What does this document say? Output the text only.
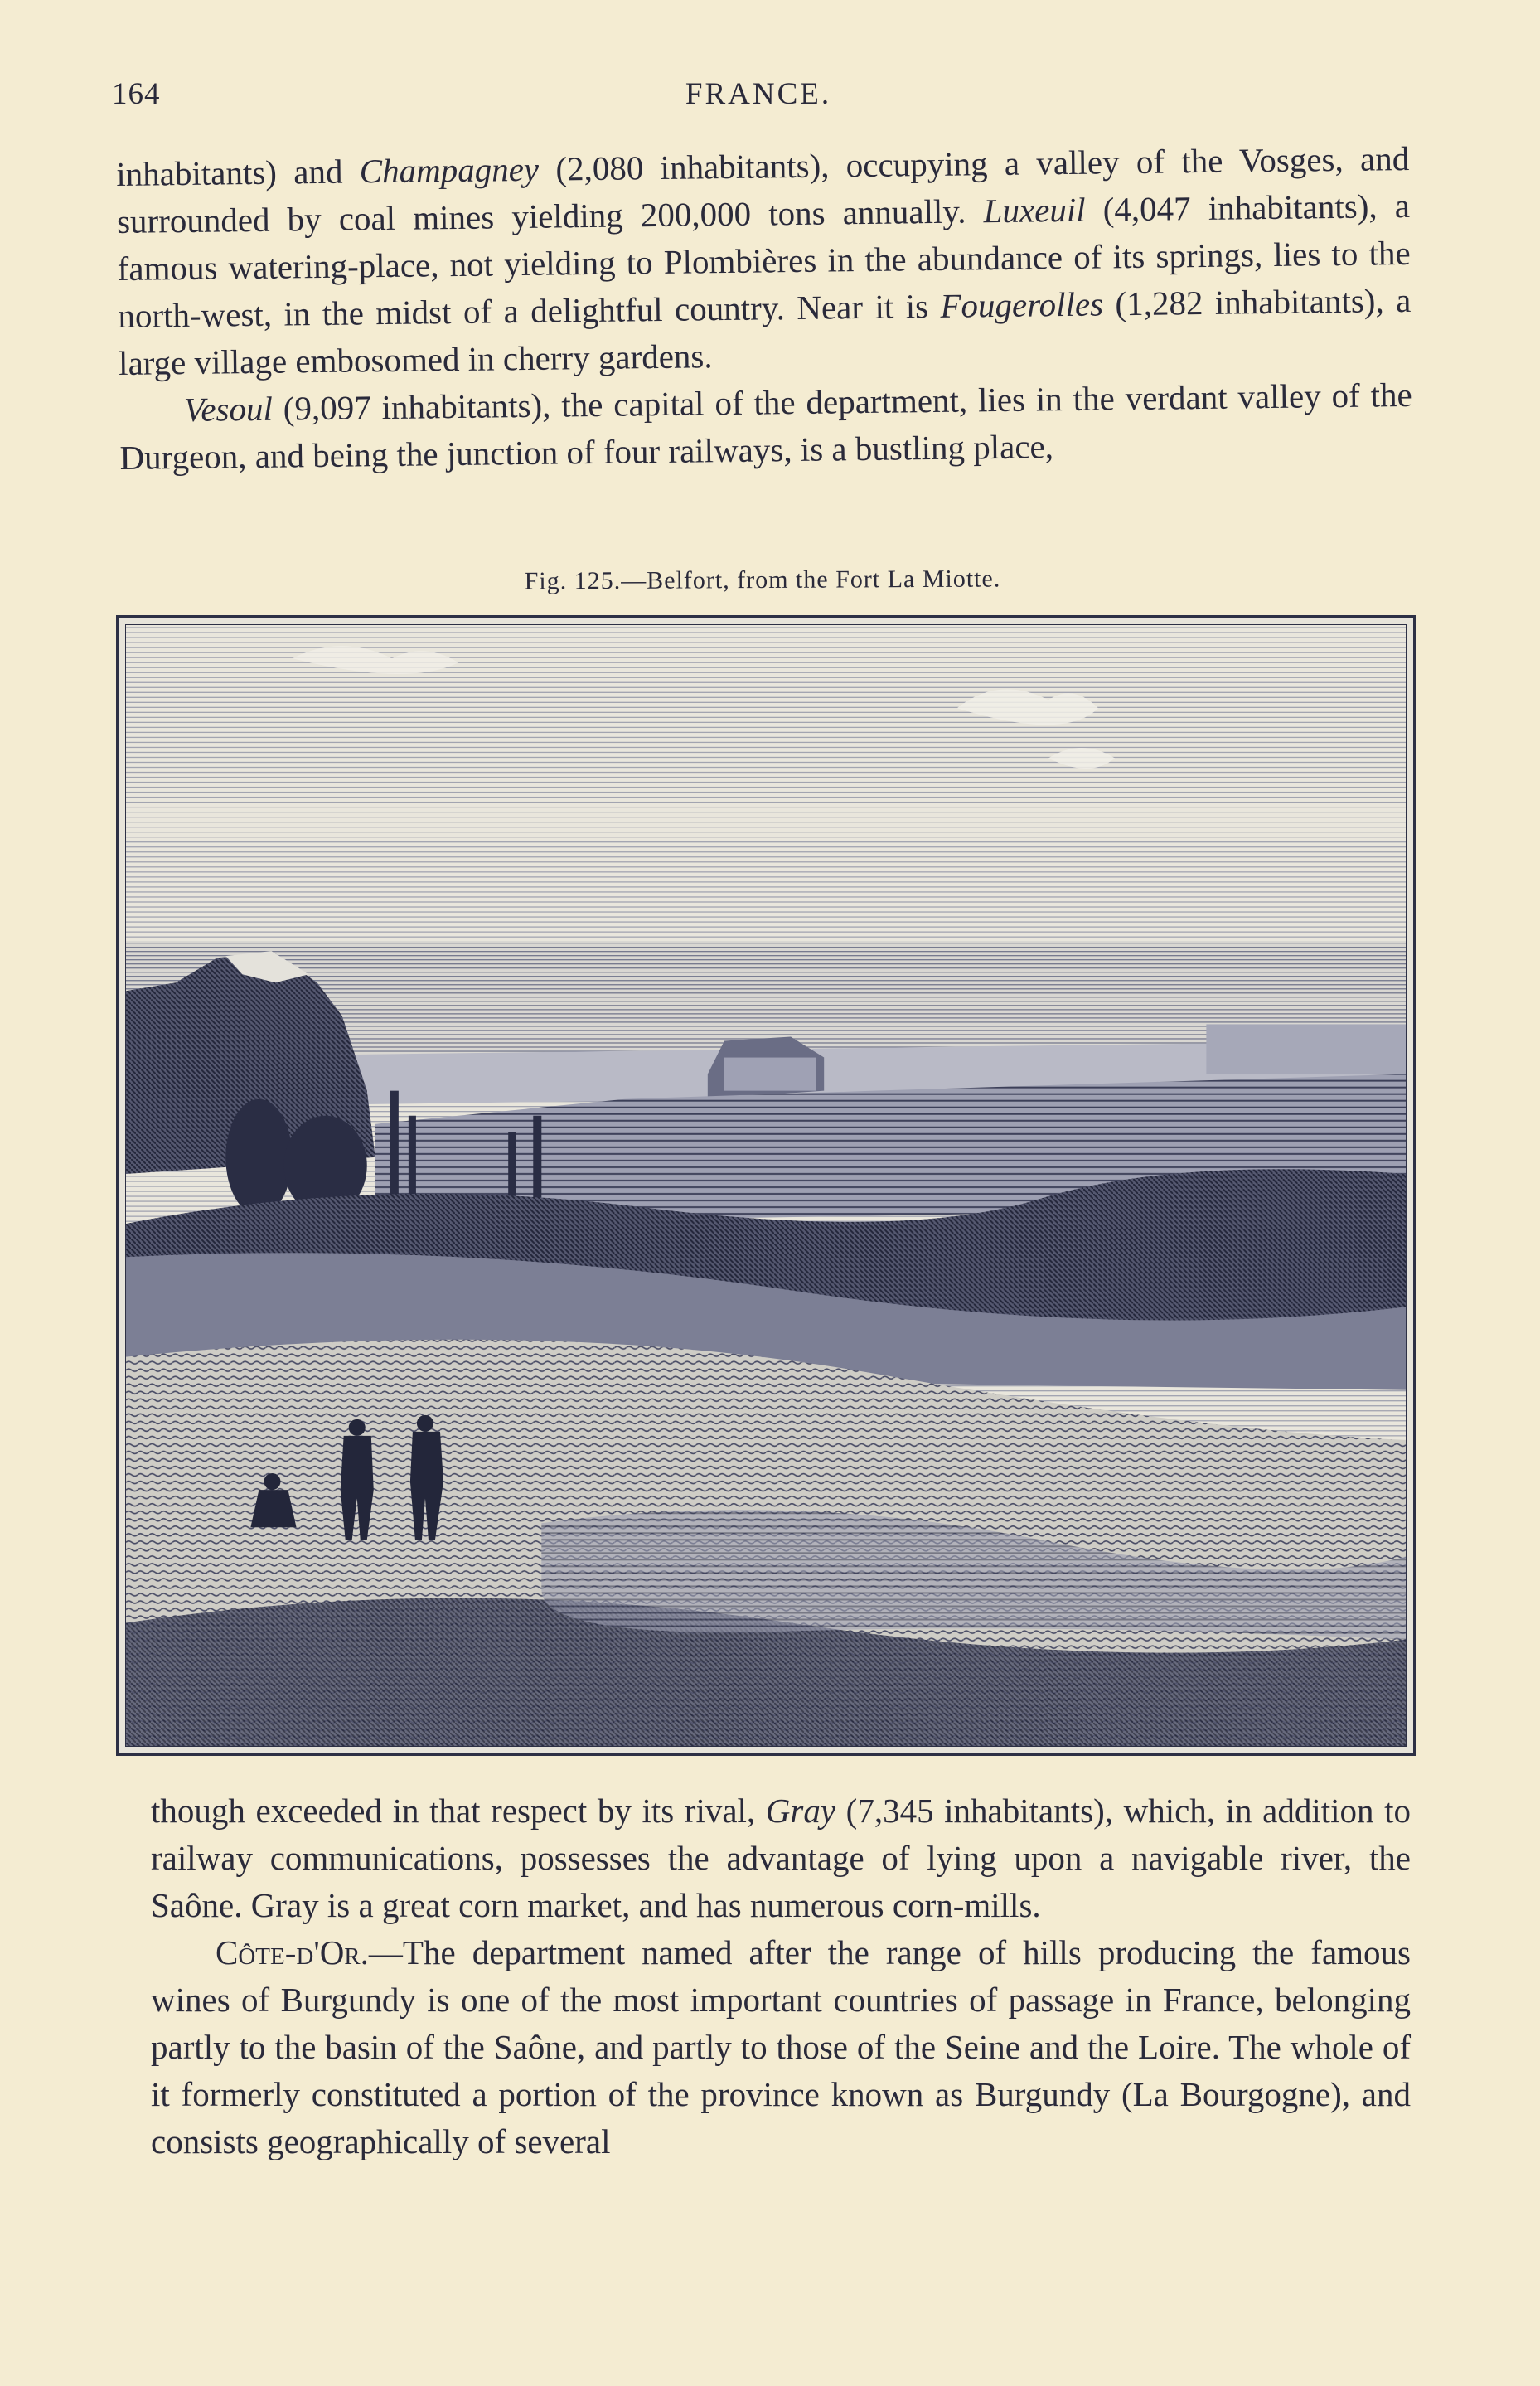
164	FRANCE.

inhabitants) and Champagney (2,080 inhabitants), occupying a valley of the Vosges, and surrounded by coal mines yielding 200,000 tons annually. Luxeuil (4,047 inhabitants), a famous watering-place, not yielding to Plombières in the abundance of its springs, lies to the north-west, in the midst of a delightful country. Near it is Fougerolles (1,282 inhabitants), a large village embosomed in cherry gardens.

Vesoul (9,097 inhabitants), the capital of the department, lies in the verdant valley of the Durgeon, and being the junction of four railways, is a bustling place,

Fig. 125.—Belfort, from the Fort La Miotte.

though exceeded in that respect by its rival, Gray (7,345 inhabitants), which, in addition to railway communications, possesses the advantage of lying upon a navigable river, the Saône. Gray is a great corn market, and has numerous corn-mills.

Côte-d'Or.—The department named after the range of hills producing the famous wines of Burgundy is one of the most important countries of passage in France, belonging partly to the basin of the Saône, and partly to those of the Seine and the Loire. The whole of it formerly constituted a portion of the province known as Burgundy (La Bourgogne), and consists geographically of several
